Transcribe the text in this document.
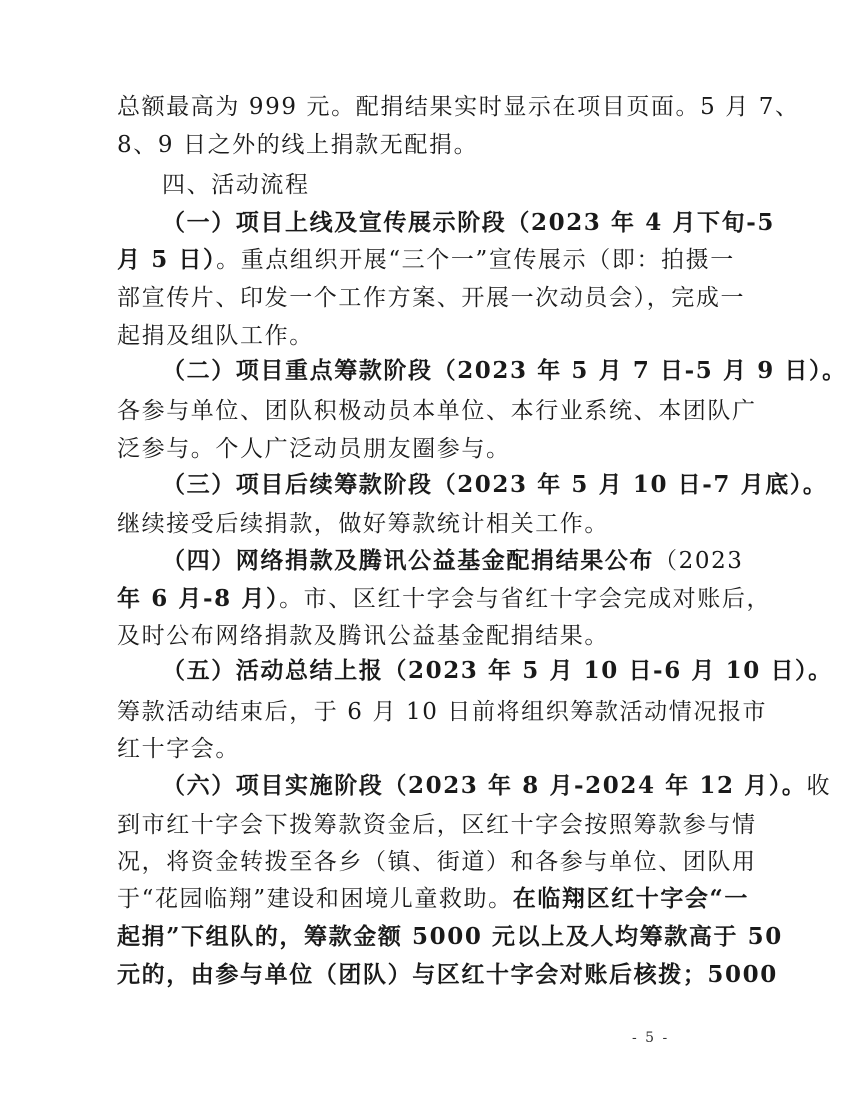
总额最高为 999 元。配捐结果实时显示在项目页面。5 月 7、
8、9 日之外的线上捐款无配捐。
四、活动流程
（一）项目上线及宣传展示阶段（2023 年 4 月下旬-5
月 5 日）。重点组织开展“三个一”宣传展示（即：拍摄一
部宣传片、印发一个工作方案、开展一次动员会），完成一
起捐及组队工作。
（二）项目重点筹款阶段（2023 年 5 月 7 日-5 月 9 日）。
各参与单位、团队积极动员本单位、本行业系统、本团队广
泛参与。个人广泛动员朋友圈参与。
（三）项目后续筹款阶段（2023 年 5 月 10 日-7 月底）。
继续接受后续捐款，做好筹款统计相关工作。
（四）网络捐款及腾讯公益基金配捐结果公布（2023
年 6 月-8 月）。市、区红十字会与省红十字会完成对账后，
及时公布网络捐款及腾讯公益基金配捐结果。
（五）活动总结上报（2023 年 5 月 10 日-6 月 10 日）。
筹款活动结束后，于 6 月 10 日前将组织筹款活动情况报市
红十字会。
（六）项目实施阶段（2023 年 8 月-2024 年 12 月）。收
到市红十字会下拨筹款资金后，区红十字会按照筹款参与情
况，将资金转拨至各乡（镇、街道）和各参与单位、团队用
于“花园临翔”建设和困境儿童救助。在临翔区红十字会“一
起捐”下组队的，筹款金额 5000 元以上及人均筹款高于 50
元的，由参与单位（团队）与区红十字会对账后核拨；5000
- 5 -
